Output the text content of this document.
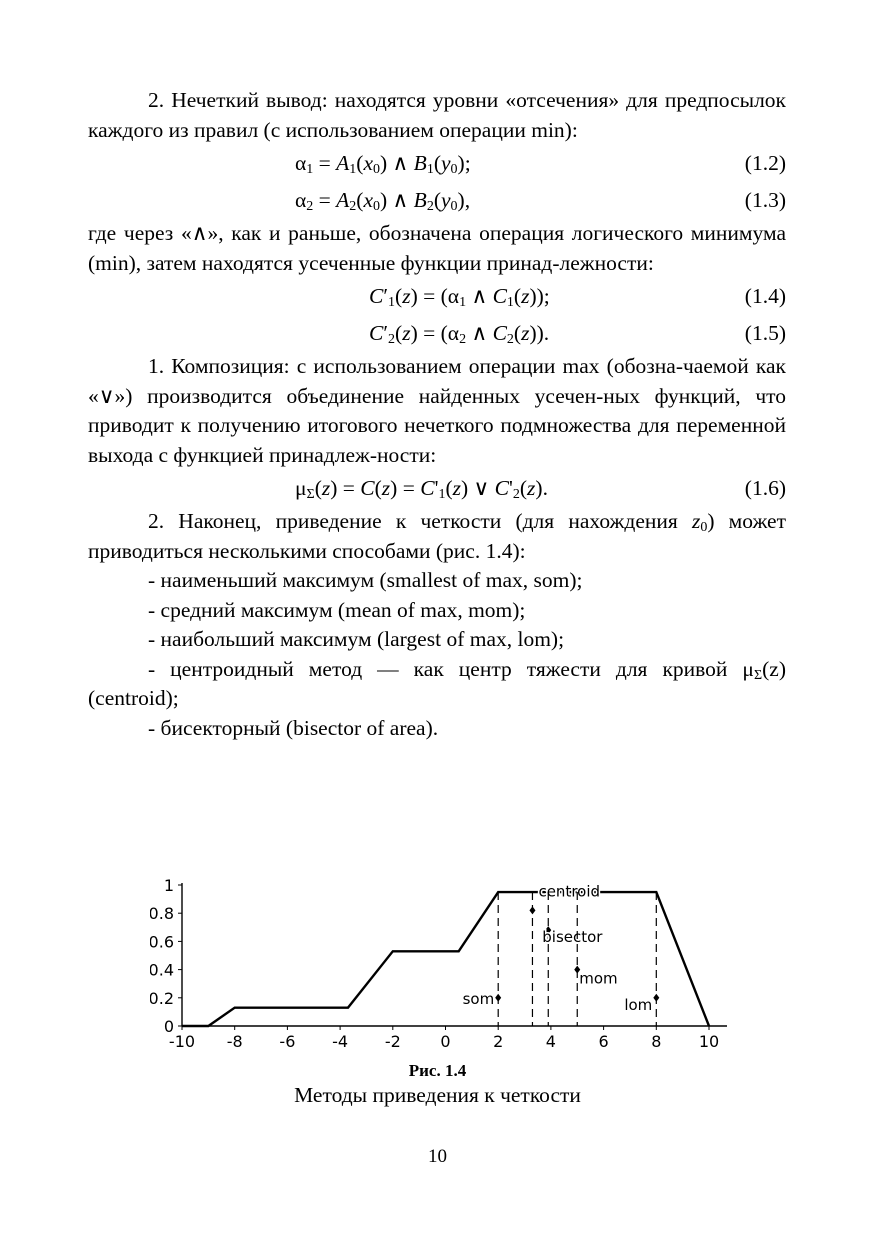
2. Нечеткий вывод: находятся уровни «отсечения» для предпосылок каждого из правил (с использованием операции min):

$\alpha_1 = A_1(x_0)$ ∧ $B_1(y_0)$;	(1.2)
$\alpha_2 = A_2(x_0)$ ∧ $B_2(y_0)$,	(1.3)

где через «∧», как и раньше, обозначена операция логического минимума (min), затем находятся усеченные функции принад-лежности:

$C'_1(z) = (\alpha_1$ ∧ $C_1(z)$);	(1.4)
$C'_2(z) = (\alpha_2$ ∧ $C_2(z)$).	(1.5)

1. Композиция: с использованием операции max (обозна-чаемой как «∨») производится объединение найденных усечен-ных функций, что приводит к получению итогового нечеткого подмножества для переменной выхода с функцией принадлеж-ности:

$\mu_\Sigma(z) = C(z) = C'_1(z)$ ∨ $C'_2(z)$.	(1.6)

2. Наконец, приведение к четкости (для нахождения $z_0$) может приводиться несколькими способами (рис. 1.4):

- наименьший максимум (smallest of max, som);

- средний максимум (mean of max, mom);

- наибольший максимум (largest of max, lom);

- центроидный метод — как центр тяжести для кривой $\mu_\Sigma(z)$ (centroid);

- бисекторный (bisector of area).

-10 -8 -6 -4 -2 0	2	4	6	8 10
0
0.2
0.4
0.6
0.8
1
som
centroid
bisector
mom
lom
Рис. 1.4
Методы приведения к четкости
10
